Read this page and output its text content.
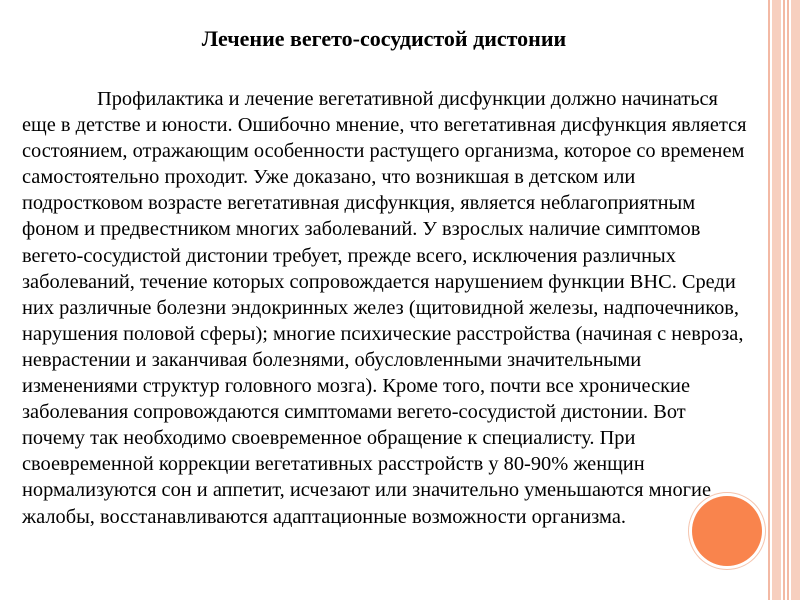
Лечение вегето-сосудистой дистонии

Профилактика и лечение вегетативной дисфункции должно начинаться еще в детстве и юности. Ошибочно мнение, что вегетативная дисфункция является состоянием, отражающим особенности растущего организма, которое со временем самостоятельно проходит. Уже доказано, что возникшая в детском или подростковом возрасте вегетативная дисфункция, является неблагоприятным фоном и предвестником многих заболеваний. У взрослых наличие симптомов вегето-сосудистой дистонии требует, прежде всего, исключения различных заболеваний, течение которых сопровождается нарушением функции ВНС. Среди них различные болезни эндокринных желез (щитовидной железы, надпочечников, нарушения половой сферы); многие психические расстройства (начиная с невроза, неврастении и заканчивая болезнями, обусловленными значительными изменениями структур головного мозга). Кроме того, почти все хронические заболевания сопровождаются симптомами вегето-сосудистой дистонии. Вот почему так необходимо своевременное обращение к специалисту. При своевременной коррекции вегетативных расстройств у 80-90% женщин нормализуются сон и аппетит, исчезают или значительно уменьшаются многие жалобы, восстанавливаются адаптационные возможности организма.
